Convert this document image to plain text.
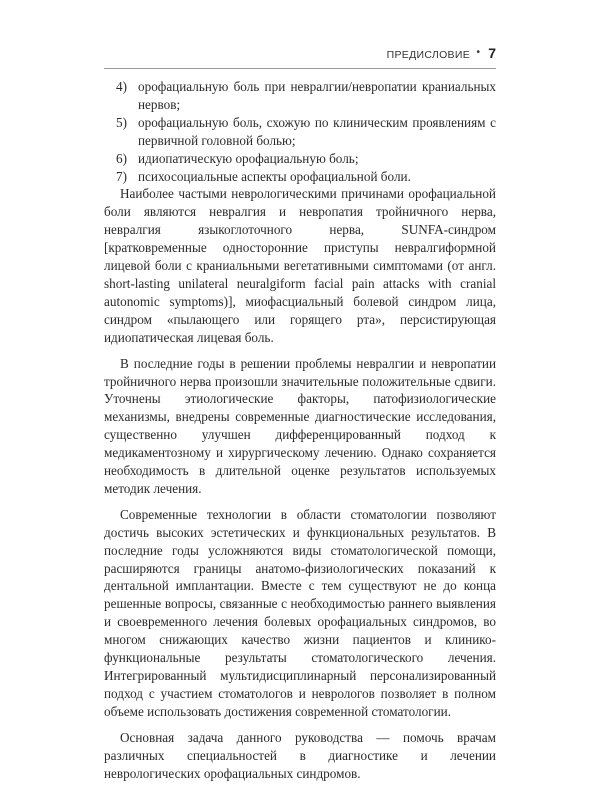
ПРЕДИСЛОВИЕ • 7
4) орофациальную боль при невралгии/невропатии краниальных нервов;
5) орофациальную боль, схожую по клиническим проявлениям с первичной головной болью;
6) идиопатическую орофациальную боль;
7) психосоциальные аспекты орофациальной боли.

Наиболее частыми неврологическими причинами орофациальной боли являются невралгия и невропатия тройничного нерва, невралгия языкоглоточного нерва, SUNFA-синдром [кратковременные односторонние приступы невралгиформной лицевой боли с краниальными вегетативными симптомами (от англ. short-lasting unilateral neuralgiform facial pain attacks with cranial autonomic symptoms)], миофасциальный болевой синдром лица, синдром «пылающего или горящего рта», персистирующая идиопатическая лицевая боль.

В последние годы в решении проблемы невралгии и невропатии тройничного нерва произошли значительные положительные сдвиги. Уточнены этиологические факторы, патофизиологические механизмы, внедрены современные диагностические исследования, существенно улучшен дифференцированный подход к медикаментозному и хирургическому лечению. Однако сохраняется необходимость в длительной оценке результатов используемых методик лечения.

Современные технологии в области стоматологии позволяют достичь высоких эстетических и функциональных результатов. В последние годы усложняются виды стоматологической помощи, расширяются границы анатомо-физиологических показаний к дентальной имплантации. Вместе с тем существуют не до конца решенные вопросы, связанные с необходимостью раннего выявления и своевременного лечения болевых орофациальных синдромов, во многом снижающих качество жизни пациентов и клинико-функциональные результаты стоматологического лечения. Интегрированный мультидисциплинарный персонализированный подход с участием стоматологов и неврологов позволяет в полном объеме использовать достижения современной стоматологии.

Основная задача данного руководства — помочь врачам различных специальностей в диагностике и лечении неврологических орофациальных синдромов.
